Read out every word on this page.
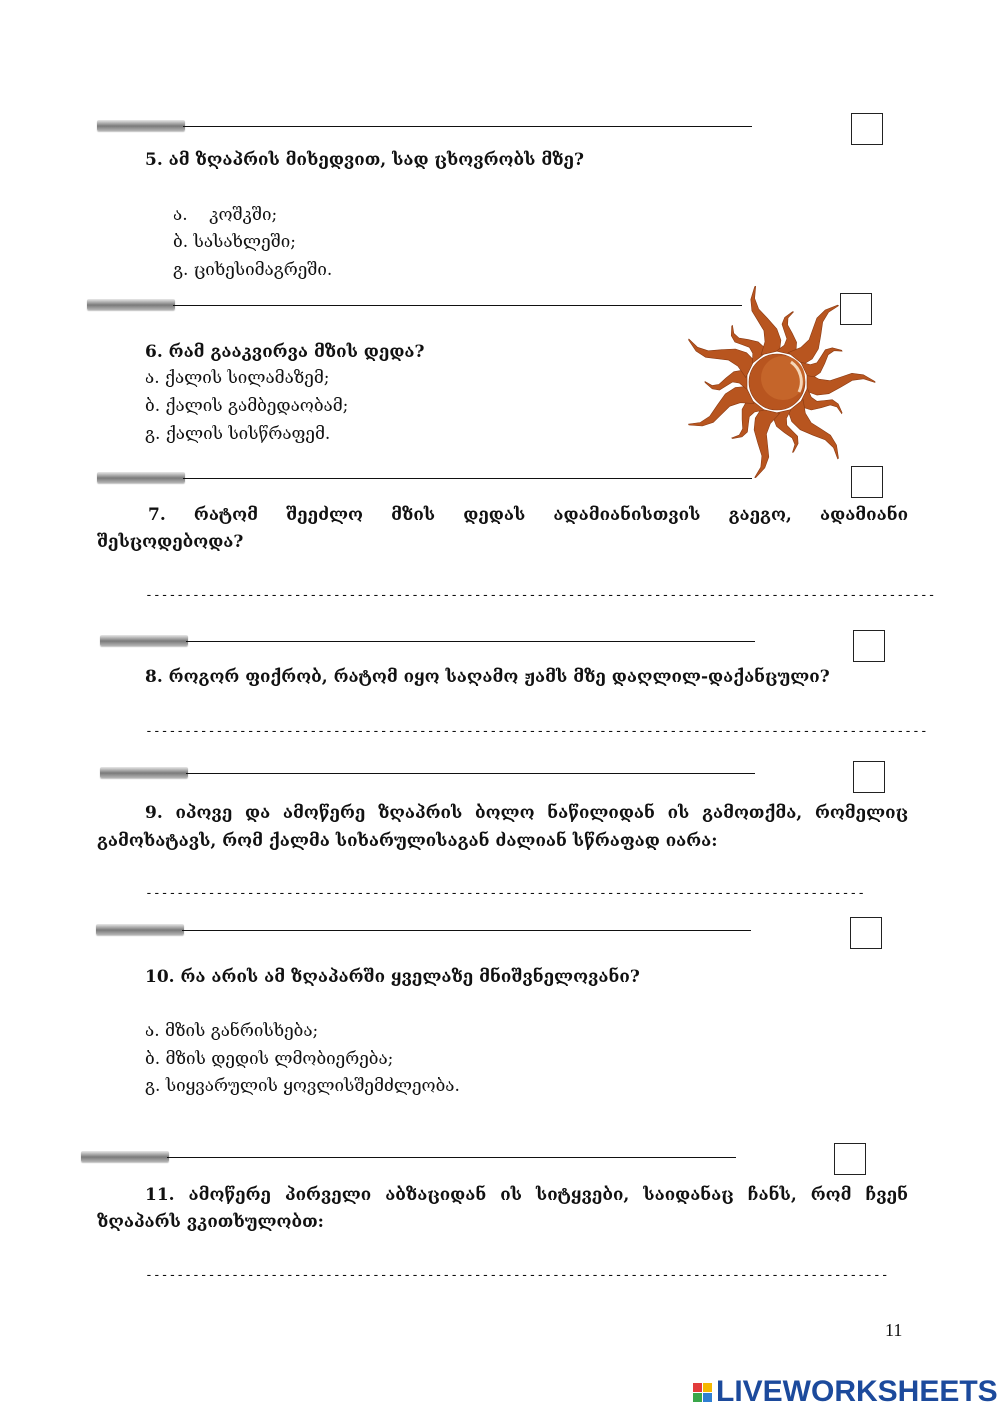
5. ამ ზღაპრის მიხედვით, სად ცხოვრობს მზე?
ა.    კოშკში;
ბ. სასახლეში;
გ. ციხესიმაგრეში.
6. რამ გააკვირვა მზის დედა?
ა. ქალის სილამაზემ;
ბ. ქალის გამბედაობამ;
გ. ქალის სისწრაფემ.
7. რატომ შეეძლო მზის დედას ადამიანისთვის გაეგო, ადამიანი
შესცოდებოდა?
-----------------------------------------------------------------------------------------------------
8. როგორ ფიქრობ, რატომ იყო საღამო ჟამს მზე დაღლილ-დაქანცული?
----------------------------------------------------------------------------------------------------
9. იპოვე და ამოწერე ზღაპრის ბოლო ნაწილიდან ის გამოთქმა, რომელიც
გამოხატავს, რომ ქალმა სიხარულისაგან ძალიან სწრაფად იარა:
--------------------------------------------------------------------------------------------
10. რა არის ამ ზღაპარში ყველაზე მნიშვნელოვანი?
ა. მზის განრისხება;
ბ. მზის დედის ლმობიერება;
გ. სიყვარულის ყოვლისშემძლეობა.
11. ამოწერე პირველი აბზაციდან ის სიტყვები, საიდანაც ჩანს, რომ ჩვენ
ზღაპარს ვკითხულობთ:
-----------------------------------------------------------------------------------------------
11
LIVEWORKSHEETS
